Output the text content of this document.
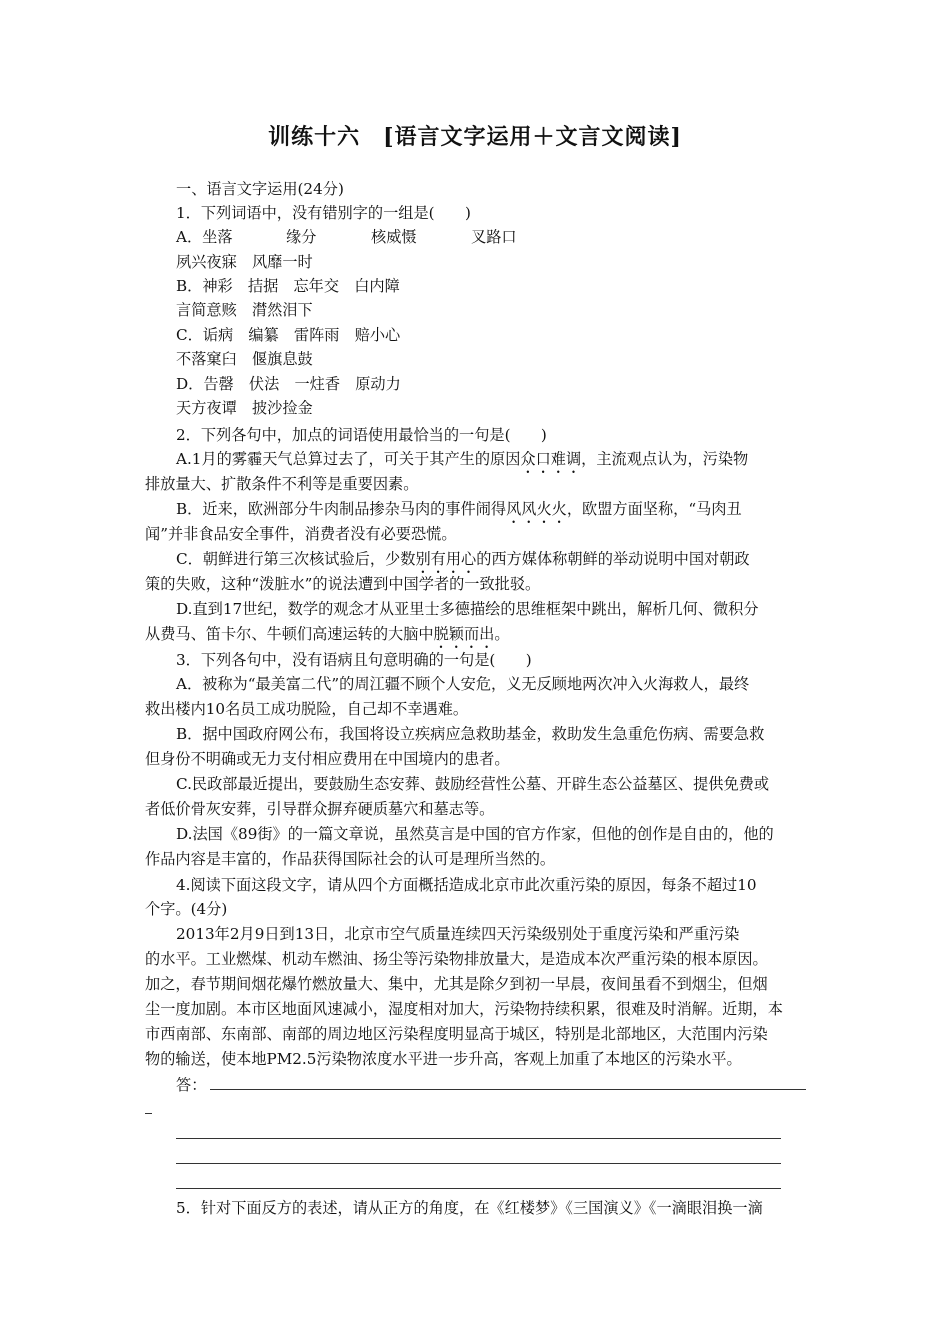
训练十六　[语言文字运用＋文言文阅读]
一、语言文字运用(24分)
1．下列词语中，没有错别字的一组是(　　)
A．坐落	缘分	核威慑	叉路口
夙兴夜寐　风靡一时
B．神彩　拮据　忘年交　白内障
言简意赅　潸然泪下
C．诟病　编纂　雷阵雨　赔小心
不落窠臼　偃旗息鼓
D．告罄　伏法　一炷香　原动力
天方夜谭　披沙捡金
2．下列各句中，加点的词语使用最恰当的一句是(　　)
A.1月的雾霾天气总算过去了，可关于其产生的原因众口难调，主流观点认为，污染物
排放量大、扩散条件不利等是重要因素。
B．近来，欧洲部分牛肉制品掺杂马肉的事件闹得风风火火，欧盟方面坚称，“马肉丑
闻”并非食品安全事件，消费者没有必要恐慌。
C．朝鲜进行第三次核试验后，少数别有用心的西方媒体称朝鲜的举动说明中国对朝政
策的失败，这种“泼脏水”的说法遭到中国学者的一致批驳。
D.直到17世纪，数学的观念才从亚里士多德描绘的思维框架中跳出，解析几何、微积分
从费马、笛卡尔、牛顿们高速运转的大脑中脱颖而出。
3．下列各句中，没有语病且句意明确的一句是(　　)
A．被称为“最美富二代”的周江疆不顾个人安危，义无反顾地两次冲入火海救人，最终
救出楼内10名员工成功脱险，自己却不幸遇难。
B．据中国政府网公布，我国将设立疾病应急救助基金，救助发生急重危伤病、需要急救
但身份不明确或无力支付相应费用在中国境内的患者。
C.民政部最近提出，要鼓励生态安葬、鼓励经营性公墓、开辟生态公益墓区、提供免费或
者低价骨灰安葬，引导群众摒弃硬质墓穴和墓志等。
D.法国《89街》的一篇文章说，虽然莫言是中国的官方作家，但他的创作是自由的，他的
作品内容是丰富的，作品获得国际社会的认可是理所当然的。
4.阅读下面这段文字，请从四个方面概括造成北京市此次重污染的原因，每条不超过10
个字。(4分)
2013年2月9日到13日，北京市空气质量连续四天污染级别处于重度污染和严重污染
的水平。工业燃煤、机动车燃油、扬尘等污染物排放量大，是造成本次严重污染的根本原因。
加之，春节期间烟花爆竹燃放量大、集中，尤其是除夕到初一早晨，夜间虽看不到烟尘，但烟
尘一度加剧。本市区地面风速减小，湿度相对加大，污染物持续积累，很难及时消解。近期，本
市西南部、东南部、南部的周边地区污染程度明显高于城区，特别是北部地区，大范围内污染
物的输送，使本地PM2.5污染物浓度水平进一步升高，客观上加重了本地区的污染水平。
答：
5．针对下面反方的表述，请从正方的角度，在《红楼梦》《三国演义》《一滴眼泪换一滴
